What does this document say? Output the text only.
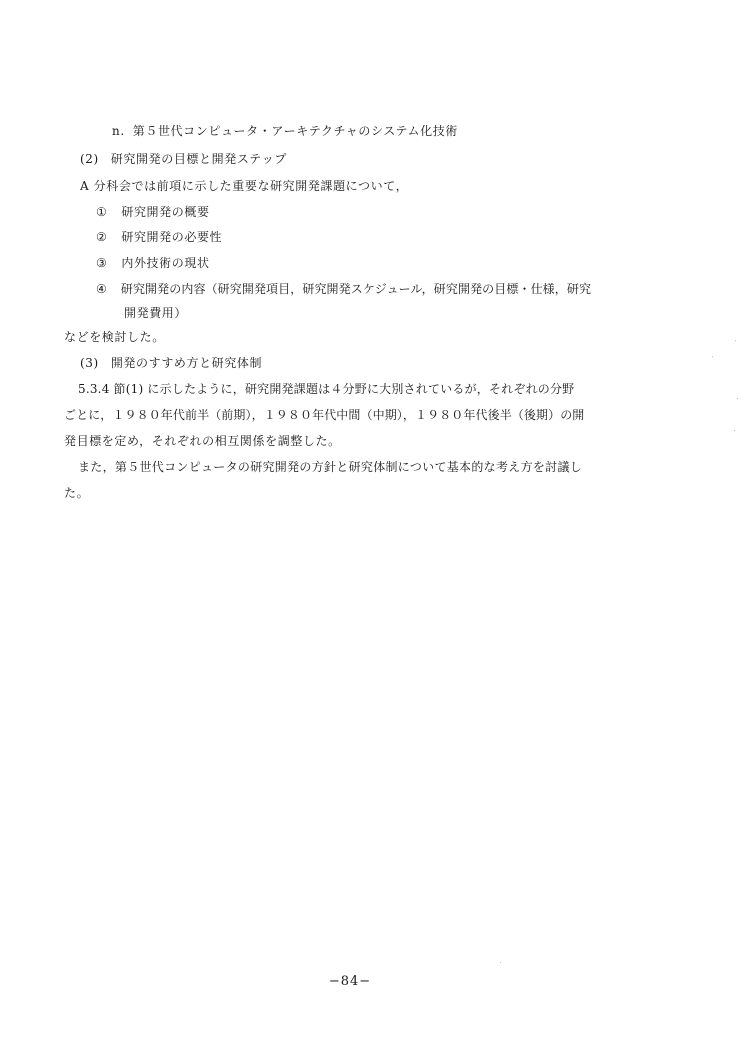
n. 第５世代コンピュータ・アーキテクチャのシステム化技術
(2) 研究開発の目標と開発ステップ
A 分科会では前項に示した重要な研究開発課題について，
① 研究開発の概要
② 研究開発の必要性
③ 内外技術の現状
④ 研究開発の内容（研究開発項目，研究開発スケジュール，研究開発の目標・仕様，研究
開発費用）
などを検討した。
(3) 開発のすすめ方と研究体制
5.3.4 節(1) に示したように，研究開発課題は４分野に大別されているが，それぞれの分野
ごとに，１９８０年代前半（前期），１９８０年代中間（中期），１９８０年代後半（後期）の開
発目標を定め，それぞれの相互関係を調整した。
また，第５世代コンピュータの研究開発の方針と研究体制について基本的な考え方を討議し
た。
−84−
